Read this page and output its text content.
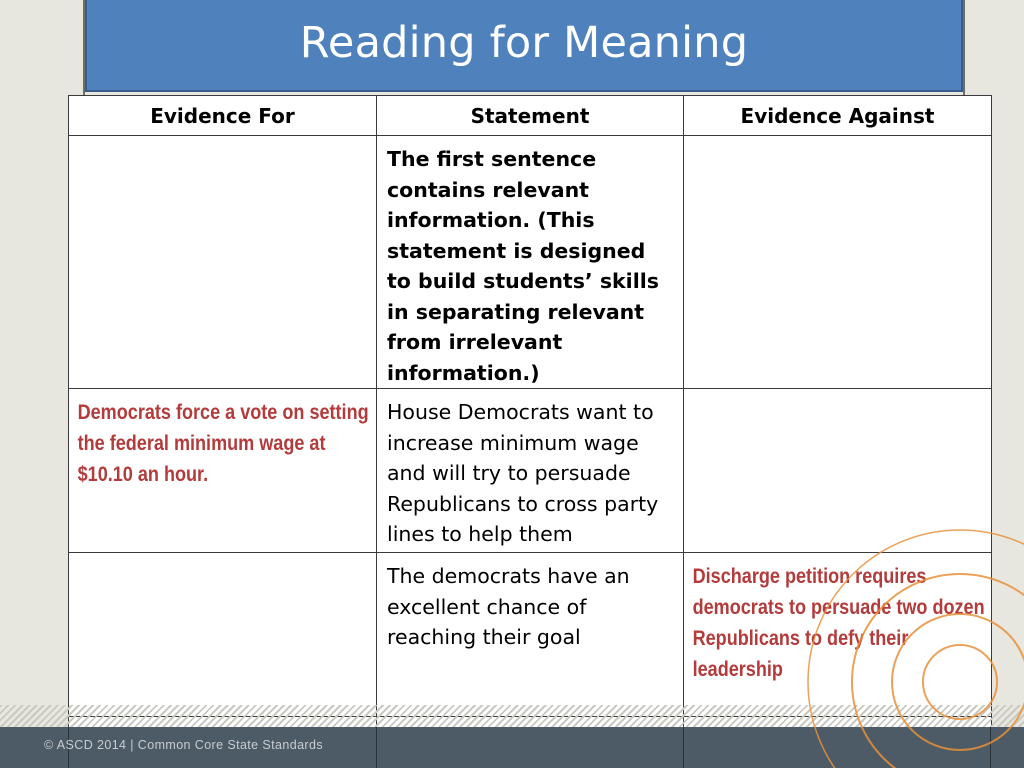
Reading for Meaning
Evidence For	Statement	Evidence Against

	The first sentence contains relevant information. (This statement is designed to build students’ skills in separating relevant from irrelevant information.)	

Democrats force a vote on setting the federal minimum wage at $10.10 an hour.	House Democrats want to increase minimum wage and will try to persuade Republicans to cross party lines to help them	

	The democrats have an excellent chance of reaching their goal	Discharge petition requires democrats to persuade two dozen Republicans to defy their leadership

© ASCD 2014 | Common Core State Standards
